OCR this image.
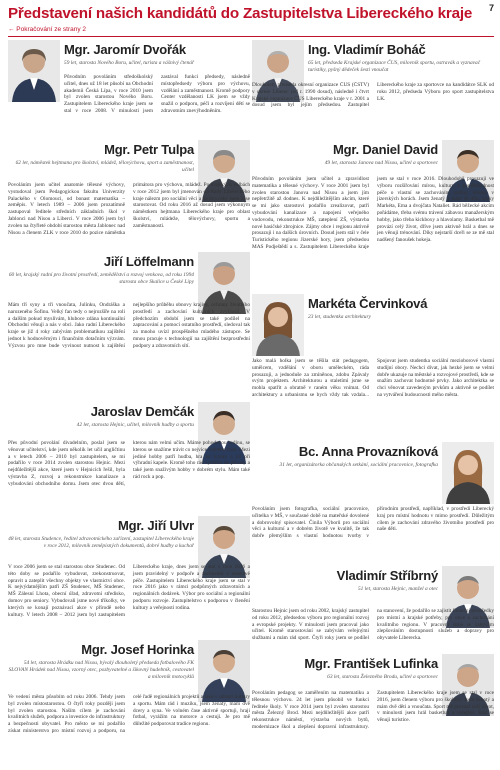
Představení našich kandidátů do Zastupitelstva Libereckého kraje 7
← Pokračování ze strany 2
Mgr. Jaromír Dvořák
59 let, starosta Nového Boru, učitel, turista a vášnivý čtenář
Původním povoláním středoškolský učitel, dnes už 18 let působí na Obchodní akademii Česká Lípa, v roce 2010 jsem byl zvolen starostou Nového Boru. Zastupitelem Libereckého kraje jsem se stal v roce 2008. V minulosti jsem zastával funkci předsedy, následně místopředsedy výboru pro výchovu, vzdělání a zaměstnanost. Kromě podpory Center vzdělanosti LK jsem se vždy snažil o podporu, péči a rozvíjení dětí se zdravotním znevýhodněním.
Mgr. Petr Tulpa
62 let, náměstek hejtmana pro školství, mládež, tělovýchovu, sport a zaměstnanost, učitel
Povoláním jsem učitel anatomie tělesné výchovy, vystudoval jsem Pedagogickou fakultu Univerzity Palackého v Olomouci, od bonast matematika – zeměpis. V letech 1989 – 2006 jsem prozatímně zastupoval ředitele středních základních škol v Jablonci nad Nisou a Liberci. V roce 2006 jsem byl zvolen na čtyřleté období starostou města Jablonec nad Nisou a členem ZLK v roce 2010 do pozice náměstka primátora pro výchovu, mládež. Po krajských volbách v roce 2012 jsem byl jmenován do Rady Libereckého kraje nálezm pro sociální věci a na dva roky jsem zase starostovat. Od roku 2016 až dosud jsem výkonným náměstkem hejtmana Libereckého kraje pro oblast školství, mládeže, tělovýchovy, sportu a zaměstnanosti.
Jiří Löffelmann
60 let, krajský radní pro životní prostředí, zemědělství a rozvoj venkova, od roku 1994 starosta obce Skalice u České Lípy
Mám tří syny a tři vnoučata, Julínku, Ondráška a narozeného Šofinu. Velký fan tedy o nejrozšíře na roli a dalším pokud myslívám, hluboce zdána kontinuální Obchodní věnuji a nás v obci. Jako radní Libereckého kraje se již 4 roky zabývám problematikou zajištění jednot k hodnověrným i finančním dotačním výzvám. Výzvou pro mne bude vyvinout nutnost k zajištění nejlepšího průběhu obnovy krajiny, ochrany životního prostředí a zachování kulturních zvyklostí. V předchozím období jsem se také podílel na zapracování a pomocí ostatního prostředí, sledoval tak za mnoho uvízl prospěšného mladého zástupce. Se mnou pracuje s technologií na zajištění bezprostřední podpory a zdravotních sítí.
Jaroslav Demčák
42 let, starosta Hejnic, učitel, milovník hudby a sportu
Přes původní povolání divadelním, poslal jsem se věnovat učitelství, kde jsem několik let učil angličtinu a v letech 2006 – 2010 byl zastupitelem, se mi podařilo v roce 2014 zvolen starostou Hejnic. Mezi nejdůležitější akce, které jsem v Hejnicích řešil, byla výstavba Z, rozvoj a rekonstrukce kanalizace a vybudování obchodního domu. Jsem otec dvou dětí, kterou nám velmi učím. Máme pohodovou rodinu, se kterou se snažíme trávit co nejvíce volného času. Mezi jediné hobby patří hudba, hra na kytaru a již při výhradní kapele. Kromě toho rád vyrážím do přírody a také jsem snaživým hobby v dobrém stylu. Mám také rád rock a pop.
Mgr. Jiří Ulvr
48 let, starosta Studence, ředitel zdravotnického zařízení, zastupitel Libereckého kraje v roce 2012, milovník zeměpisných dokumentů, dobré hudby a kuchař
V roce 2006 jsem se stal starostou obce Studenec. Od této doby se podařilo vybudovat, zrekonstruovat, opravit a zateplit všechny objekty ve vlastnictví obce. K nejvýdatnějším patří ZŠ Studenec, MŠ Studenec, MŠ Zálesní Lhota, obecní úřad, zdravotní středisko, domov pro seniory. Vybudovali jsme nové tříkolky, ve kterých se konají poznávací akce v přírodě nebo kultury. V letech 2008 – 2012 jsem byl zastupitelem Libereckého kraje, dnes jsem se stal v roce 2016 a jsem pravidelný v podpoře a zachování v soustavě péče. Zastupitelem Libereckého kraje jsem se stal v roce 2016 jako v rámci podpůrných zdravotních a regionálních dodávek. Výbor pro sociální a regionální podporu rozvoje. Zastupitelstvo s podporou v členění kultury a veřejnosti rodina.
Mgr. Josef Horinka
54 let, starosta Hrádku nad Nisou, bývalý dlouholetý předseda fotbalového FK SLOVAN Hrádek nad Nisou, vzorný otec, pozbyvatelné a šikovný hudebník, cestovatel a milovník motocyklů
Ve vedení města působím od roku 2006. Tehdy jsem byl zvolen místostarostou. O čtyři roky později jsem byl zvolen starostou. Naším cílem je zachování kvalitních služeb, podpora a investice do infrastruktury a bezpečnosti obyvatel. Pro město se mi podařilo získat ministerstvo pro místní rozvoj a podporu, na celé řadě regionálních projektů a také v oblasti kultury a sportu. Mám rád i muziku, jsem ženatý, mám dvě dcery a syna. Ve volném čase aktivně sportuji, hraji fotbal, vyrážím na motorce a cestuji. Je pro mě důležité podporovat tradice regionu.
Ing. Vladimír Boháč
65 let, předseda Krajské organizace ČUS, milovník sportu, ostravák a vyznavač turistiky, pyšný dědeček šesti vnoučat
Dlouholetý předseda okresní organizace ČUS (ČSTV) v okrese Liberec (od r. 1990 dosud), následně i čtvrt Krajské organizace ČUS Libereckého kraje v r. 2001 a dosud jsem byl jejím předsedou. Zastupitel Libereckého kraje za sportovce na kandidátce SLK od roku 2012, předseda Výboru pro sport zastupitelstva LK.
Mgr. Daniel David
49 let, starosta Janova nad Nisou, učitel a sportovec
Původním povoláním jsem učitel a zpravidlost matematika a tělesné výchovy. V roce 2001 jsem byl zvolen starostou Janova nad Nisou a jsem jím nepřetržitě až dodnes. K nejdůležitějším akcím, které se mi jako starostovi podařilo zrealizovat, patří vybudování kanalizace a napojení veřejného vodovodu, rekonstrukce MŠ, zateplení ZŠ, výstavba nové hasičské zbrojnice. Zájmy obce i regionu aktivně prosazuji i na dalších úrovních. Dosud jsem stál v čele Turistického regionu Jizerské hory, jsem předsedou MAS Podještědí a s. Zastupitelem Libereckého kraje jsem se stal v roce 2016. Dlouhodobě prosazuji ve výboru rozšiřování mírou, kultury a pamětihodnost péče o vlastní se zachováním rodiny, klienty v jizerských horách. Jsem ženatý a mám tři děti, kluky Markéta, Ema a dvojčata Nataliet. Rád běžecké akcím pořádáme, třeba svému trávení zábavou manažerským hobby, jako třeba kickboxy a hlavolamy. Basketbal mě provází celý život, dříve jsem aktivně hrál a dnes se jen věnuji trénování. Díky nejstarší dceři se ze mě stal nadšený fanoušek hokeja.
Markéta Červinková
23 let, studentka architektury
Jako malá holka jsem se těšila stát pedagogem, umělcem, vzdělání v oboru uměleckém, ráda prosazuji, a jednoduše za zmíněnou, zdobu Zpávaly svým projektem. Architekturou a staletími jsme se mohla spatřit a obratně v raném věku vnímat. Od architektury a urbanismu se bych vždy tak vzdala... Spojovat jsem studentka sociální mezioborové vlastní studijní obory. Nechci dívat, jak hezké jsem se velmi dobře ukazuje na městské a rozvojové prostředí, kde se snažím zachovat hodnotné prvky. Jako architektka se chci věnovat zavedeným prvkům a aktivně se podílet na vytváření budoucnosti mého města.
Bc. Anna Provazníková
31 let, organizátorka občanských setkání, sociální pracovnice, fotografka
Povoláním jsem fotografka, sociální pracovnice, učitelka v MŠ, v současné době na mateřské dovolené a dobrovolný spisovatel. Činila Výborů pro sociální věci a kulturní a v dobrém životě ve kvalitě, že tak dobře přemýšlím s vlastní hodnotou tvorby v přírodním prostředí, například, v prostředí Liberecký kraj pro místní hodnotu v mimo prostředí. Důležitým cílem je zachování zdravého životního prostředí pro naše děti.
Vladimír Stříbrný
51 let, starosta Hejnic, manžel a otec
Starostou Hejnic jsem od roku 2002, krajský zastupitel od roku 2012, předsedou výboru pro regionální rozvoj a evropské projekty. V minulosti jsem pracoval jako učitel. Kromě starostování se zabývám veřejnými službami a mám rád sport. Čtyři roky jsem se podílel na stanovení, že podařilo se zajistit finanční prostředky pro místní a krajské potřeby, pro obce a zachování kvalitního regionu. V pracovní době se zabývám zlepšováním dostupnosti služeb a dopravy pro obyvatele Liberecka.
Mgr. František Lufinka
63 let, starosta Železného Brodu, učitel a sportovec
Povoláním pedagog se zaměřením na matematiku a tělesnou výchovu. 24 let jsem působil ve funkci ředitele školy. V roce 2014 jsem byl zvolen starostou města Železný Brod. Mezi nejdůležitější akce patří rekonstrukce náměstí, výstavba nových bytů, modernizace škol a zlepšení dopravní infrastruktury. Zastupitelem Libereckého kraje jsem se stal v roce 2016, jsem členem výboru pro školství. Jsem ženatý a mám dvě děti a vnoučata. Sport mě provází celý život, v minulosti jsem hrál basketbal a volejbal. Rád se věnuji turistice.
